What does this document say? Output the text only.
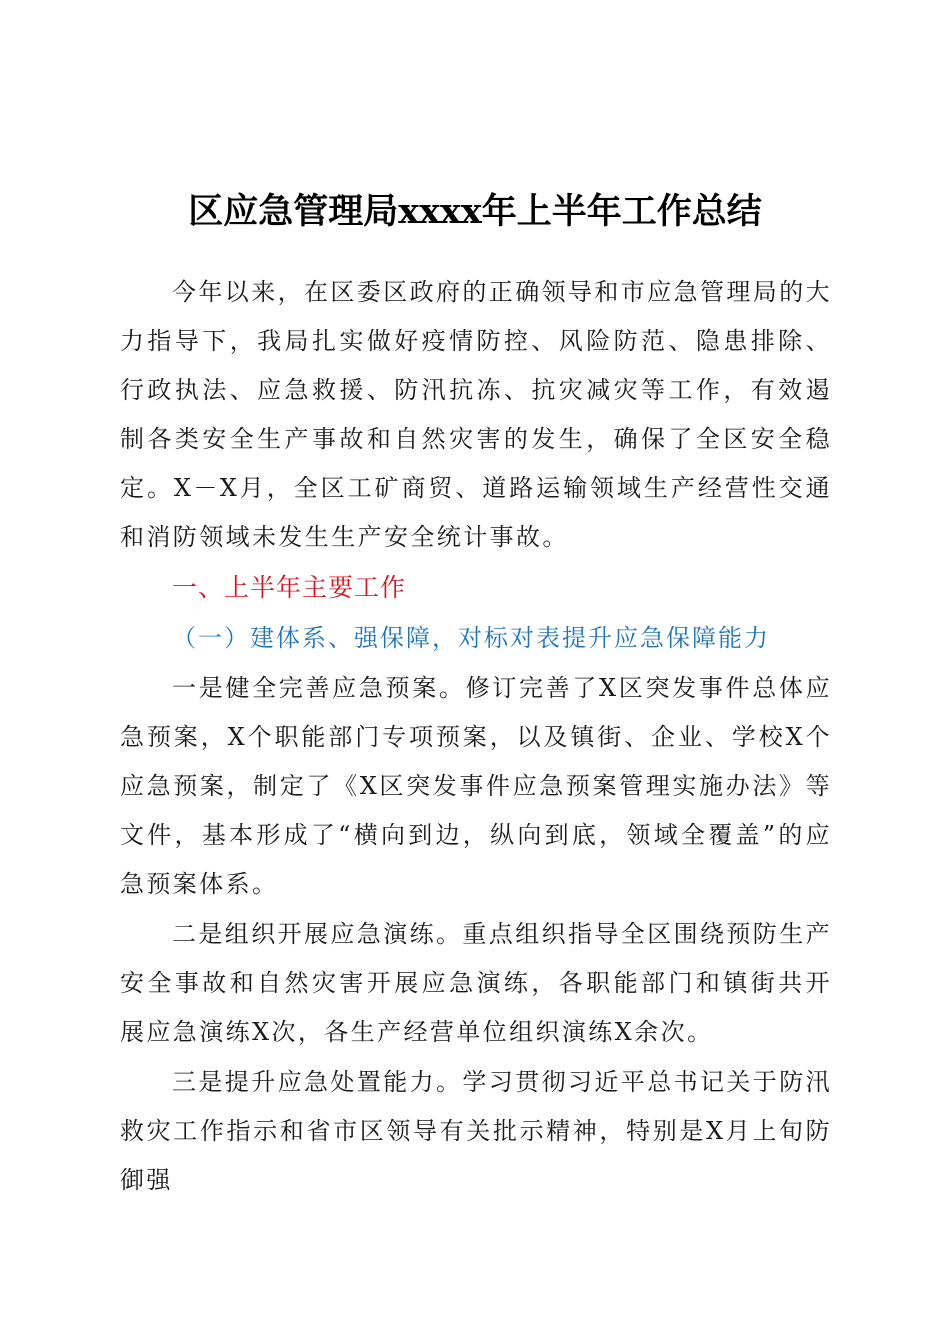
区应急管理局xxxx年上半年工作总结

今年以来，在区委区政府的正确领导和市应急管理局的大力指导下，我局扎实做好疫情防控、风险防范、隐患排除、行政执法、应急救援、防汛抗冻、抗灾减灾等工作，有效遏制各类安全生产事故和自然灾害的发生，确保了全区安全稳定。X－X月，全区工矿商贸、道路运输领域生产经营性交通和消防领域未发生生产安全统计事故。

一、上半年主要工作
（一）建体系、强保障，对标对表提升应急保障能力

一是健全完善应急预案。修订完善了X区突发事件总体应急预案，X个职能部门专项预案，以及镇街、企业、学校X个应急预案，制定了《X区突发事件应急预案管理实施办法》等文件，基本形成了“横向到边，纵向到底，领域全覆盖”的应急预案体系。

二是组织开展应急演练。重点组织指导全区围绕预防生产安全事故和自然灾害开展应急演练，各职能部门和镇街共开展应急演练X次，各生产经营单位组织演练X余次。

三是提升应急处置能力。学习贯彻习近平总书记关于防汛救灾工作指示和省市区领导有关批示精神，特别是X月上旬防御强
